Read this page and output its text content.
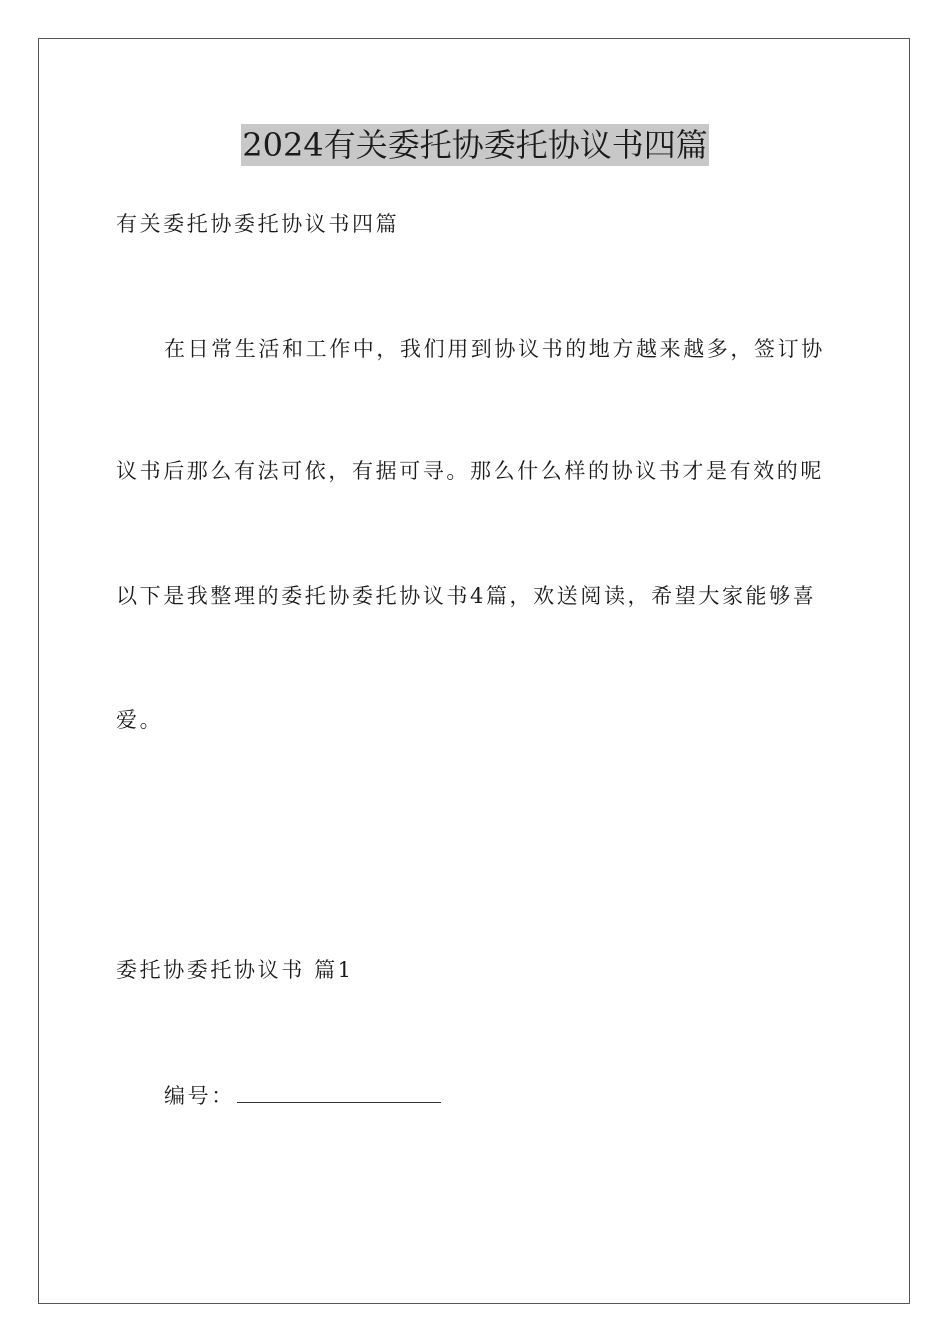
2024有关委托协委托协议书四篇
有关委托协委托协议书四篇
在日常生活和工作中，我们用到协议书的地方越来越多，签订协
议书后那么有法可依，有据可寻。那么什么样的协议书才是有效的呢
以下是我整理的委托协委托协议书4篇，欢送阅读，希望大家能够喜
爱。
委托协委托协议书 篇1
编号：
